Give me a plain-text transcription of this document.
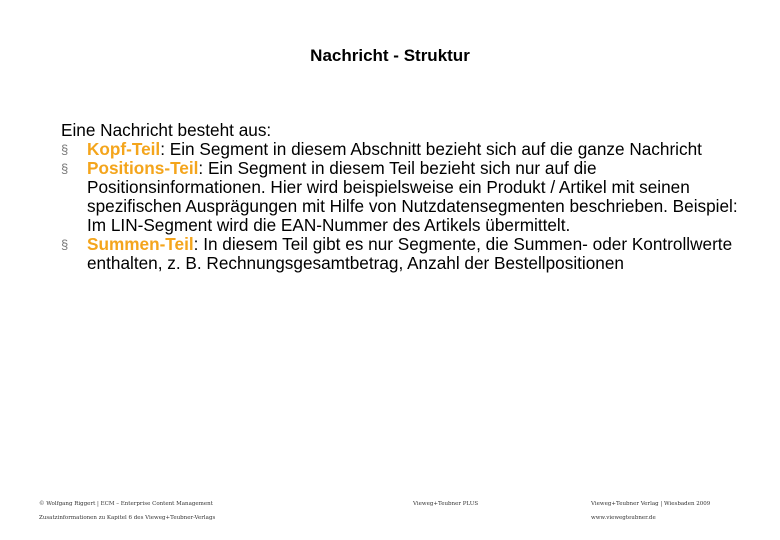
Nachricht - Struktur

Eine Nachricht besteht aus:

§ Kopf-Teil: Ein Segment in diesem Abschnitt bezieht sich auf die ganze Nachricht
§ Positions-Teil: Ein Segment in diesem Teil bezieht sich nur auf die Positionsinformationen. Hier wird beispielsweise ein Produkt / Artikel mit seinen spezifischen Ausprägungen mit Hilfe von Nutzdatensegmenten beschrieben. Beispiel: Im LIN-Segment wird die EAN-Nummer des Artikels übermittelt.
§ Summen-Teil: In diesem Teil gibt es nur Segmente, die Summen- oder Kontrollwerte enthalten, z. B. Rechnungsgesamtbetrag, Anzahl der Bestellpositionen
© Wolfgang Riggert | ECM – Enterprise Content Management
Zusatzinformationen zu Kapitel 6 des Vieweg+Teubner-Verlags
Vieweg+Teubner PLUS	Vieweg+Teubner Verlag | Wiesbaden 2009
www.viewegteubner.de
